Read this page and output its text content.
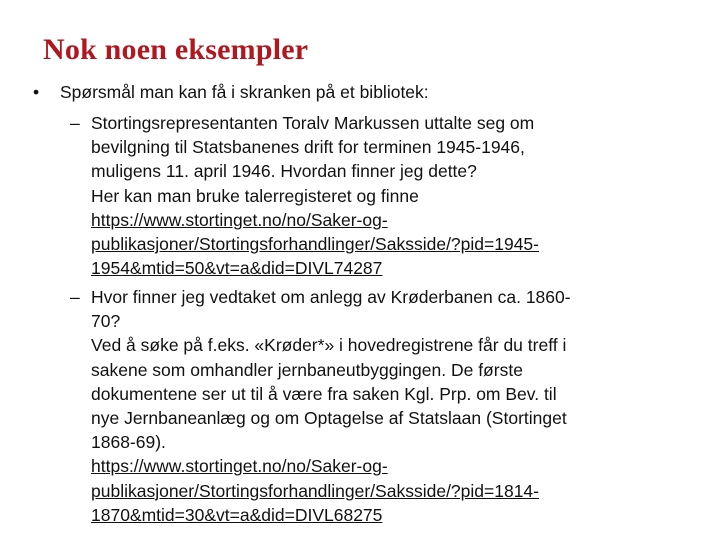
Nok noen eksempler
• Spørsmål man kan få i skranken på et bibliotek:
– Stortingsrepresentanten Toralv Markussen uttalte seg om
bevilgning til Statsbanenes drift for terminen 1945-1946,
muligens 11. april 1946. Hvordan finner jeg dette?
Her kan man bruke talerregisteret og finne
https://www.stortinget.no/no/Saker-og-
publikasjoner/Stortingsforhandlinger/Saksside/?pid=1945-
1954&mtid=50&vt=a&did=DIVL74287
– Hvor finner jeg vedtaket om anlegg av Krøderbanen ca. 1860-
70?
Ved å søke på f.eks. «Krøder*» i hovedregistrene får du treff i
sakene som omhandler jernbaneutbyggingen. De første
dokumentene ser ut til å være fra saken Kgl. Prp. om Bev. til
nye Jernbaneanlæg og om Optagelse af Statslaan (Stortinget
1868-69).
https://www.stortinget.no/no/Saker-og-
publikasjoner/Stortingsforhandlinger/Saksside/?pid=1814-
1870&mtid=30&vt=a&did=DIVL68275
